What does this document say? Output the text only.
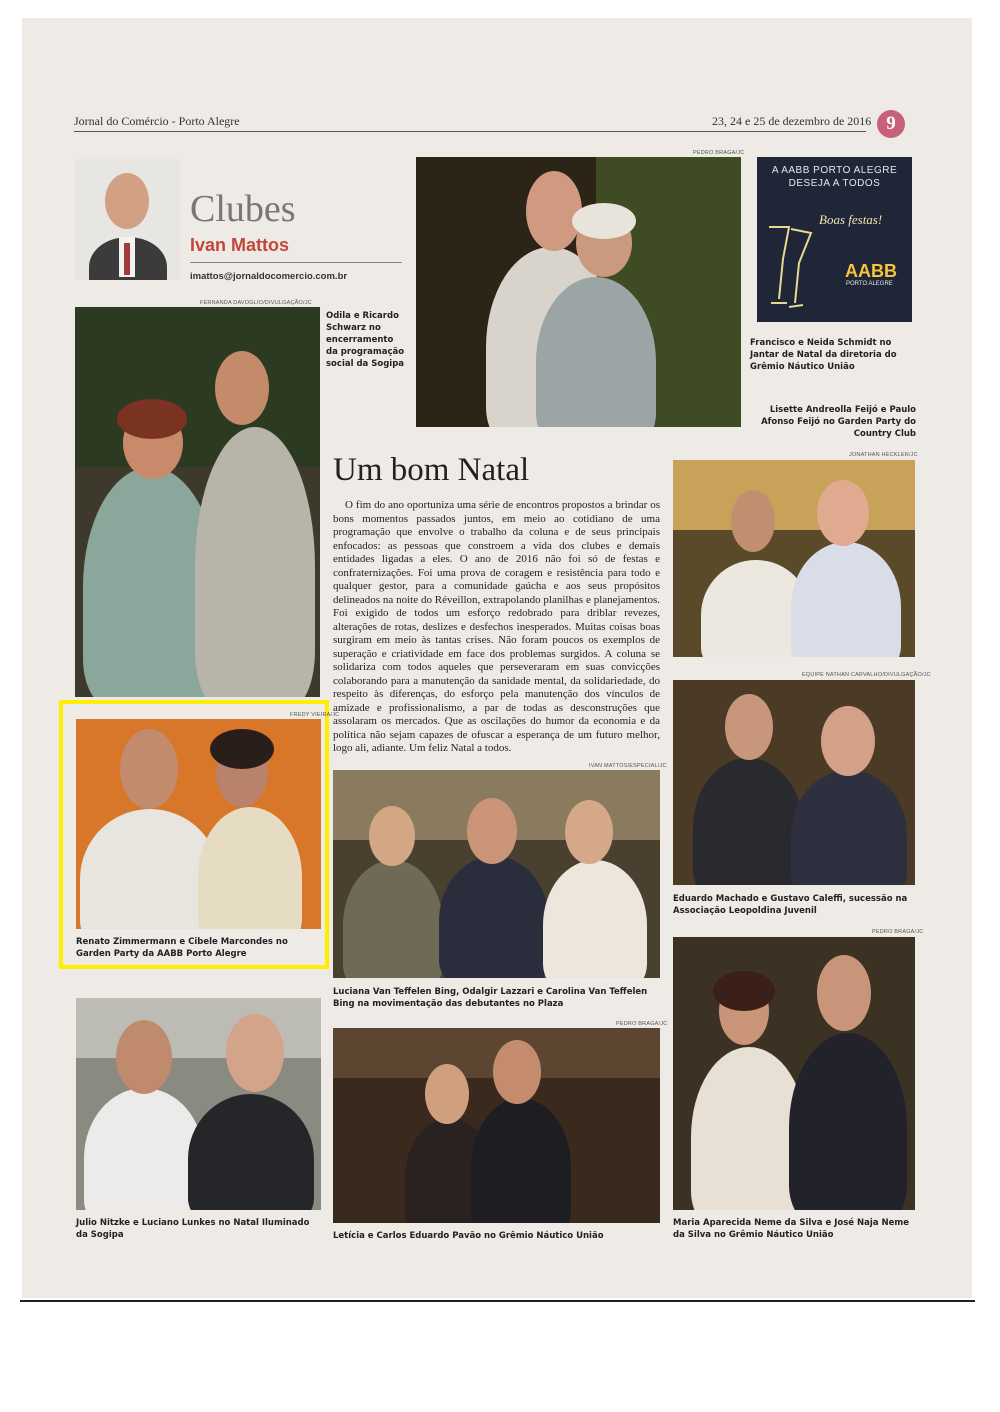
Jornal do Comércio - Porto Alegre	23, 24 e 25 de dezembro de 2016 9
Clubes
Ivan Mattos
imattos@jornaldocomercio.com.br
FERNANDA DAVOGLIO/DIVULGAÇÃO/JC
Odila e Ricardo Schwarz no encerramento da programação social da Sogipa
PEDRO BRAGA/JC
A AABB PORTO ALEGRE
DESEJA A TODOS
Boas festas!
AABB
PORTO ALEGRE
Francisco e Neida Schmidt no Jantar de Natal da diretoria do Grêmio Náutico União
Lisette Andreolla Feijó e Paulo Afonso Feijó no Garden Party do Country Club
Um bom Natal
O fim do ano oportuniza uma série de encontros propostos a brindar os bons momentos passados juntos, em meio ao cotidiano de uma programação que envolve o trabalho da coluna e de seus principais enfocados: as pessoas que constroem a vida dos clubes e demais entidades ligadas a eles. O ano de 2016 não foi só de festas e confraternizações. Foi uma prova de coragem e resistência para todo e qualquer gestor, para a comunidade gaúcha e aos seus propósitos delineados na noite do Réveillon, extrapolando planilhas e planejamentos. Foi exigido de todos um esforço redobrado para driblar revezes, alterações de rotas, deslizes e desfechos inesperados. Muitas coisas boas surgiram em meio às tantas crises. Não foram poucos os exemplos de superação e criatividade em face dos problemas surgidos. A coluna se solidariza com todos aqueles que perseveraram em suas convicções colaborando para a manutenção da sanidade mental, da solidariedade, do respeito às diferenças, do esforço pela manutenção dos vínculos de amizade e profissionalismo, a par de todas as desconstruções que assolaram os mercados. Que as oscilações do humor da economia e da política não sejam capazes de ofuscar a esperança de um futuro melhor, logo ali, adiante. Um feliz Natal a todos.
JONATHAN HECKLER/JC
FREDY VIEIRA/JC
Renato Zimmermann e Cibele Marcondes no Garden Party da AABB Porto Alegre
EQUIPE NATHAN CARVALHO/DIVULGAÇÃO/JC
Eduardo Machado e Gustavo Caleffi, sucessão na Associação Leopoldina Juvenil
IVAN MATTOS/ESPECIAL/JC
Luciana Van Teffelen Bing, Odalgir Lazzari e Carolina Van Teffelen Bing na movimentação das debutantes no Plaza
Julio Nitzke e Luciano Lunkes no Natal Iluminado da Sogipa
PEDRO BRAGA/JC
Letícia e Carlos Eduardo Pavão no Grêmio Náutico União
PEDRO BRAGA/JC
Maria Aparecida Neme da Silva e José Naja Neme da Silva no Grêmio Náutico União
